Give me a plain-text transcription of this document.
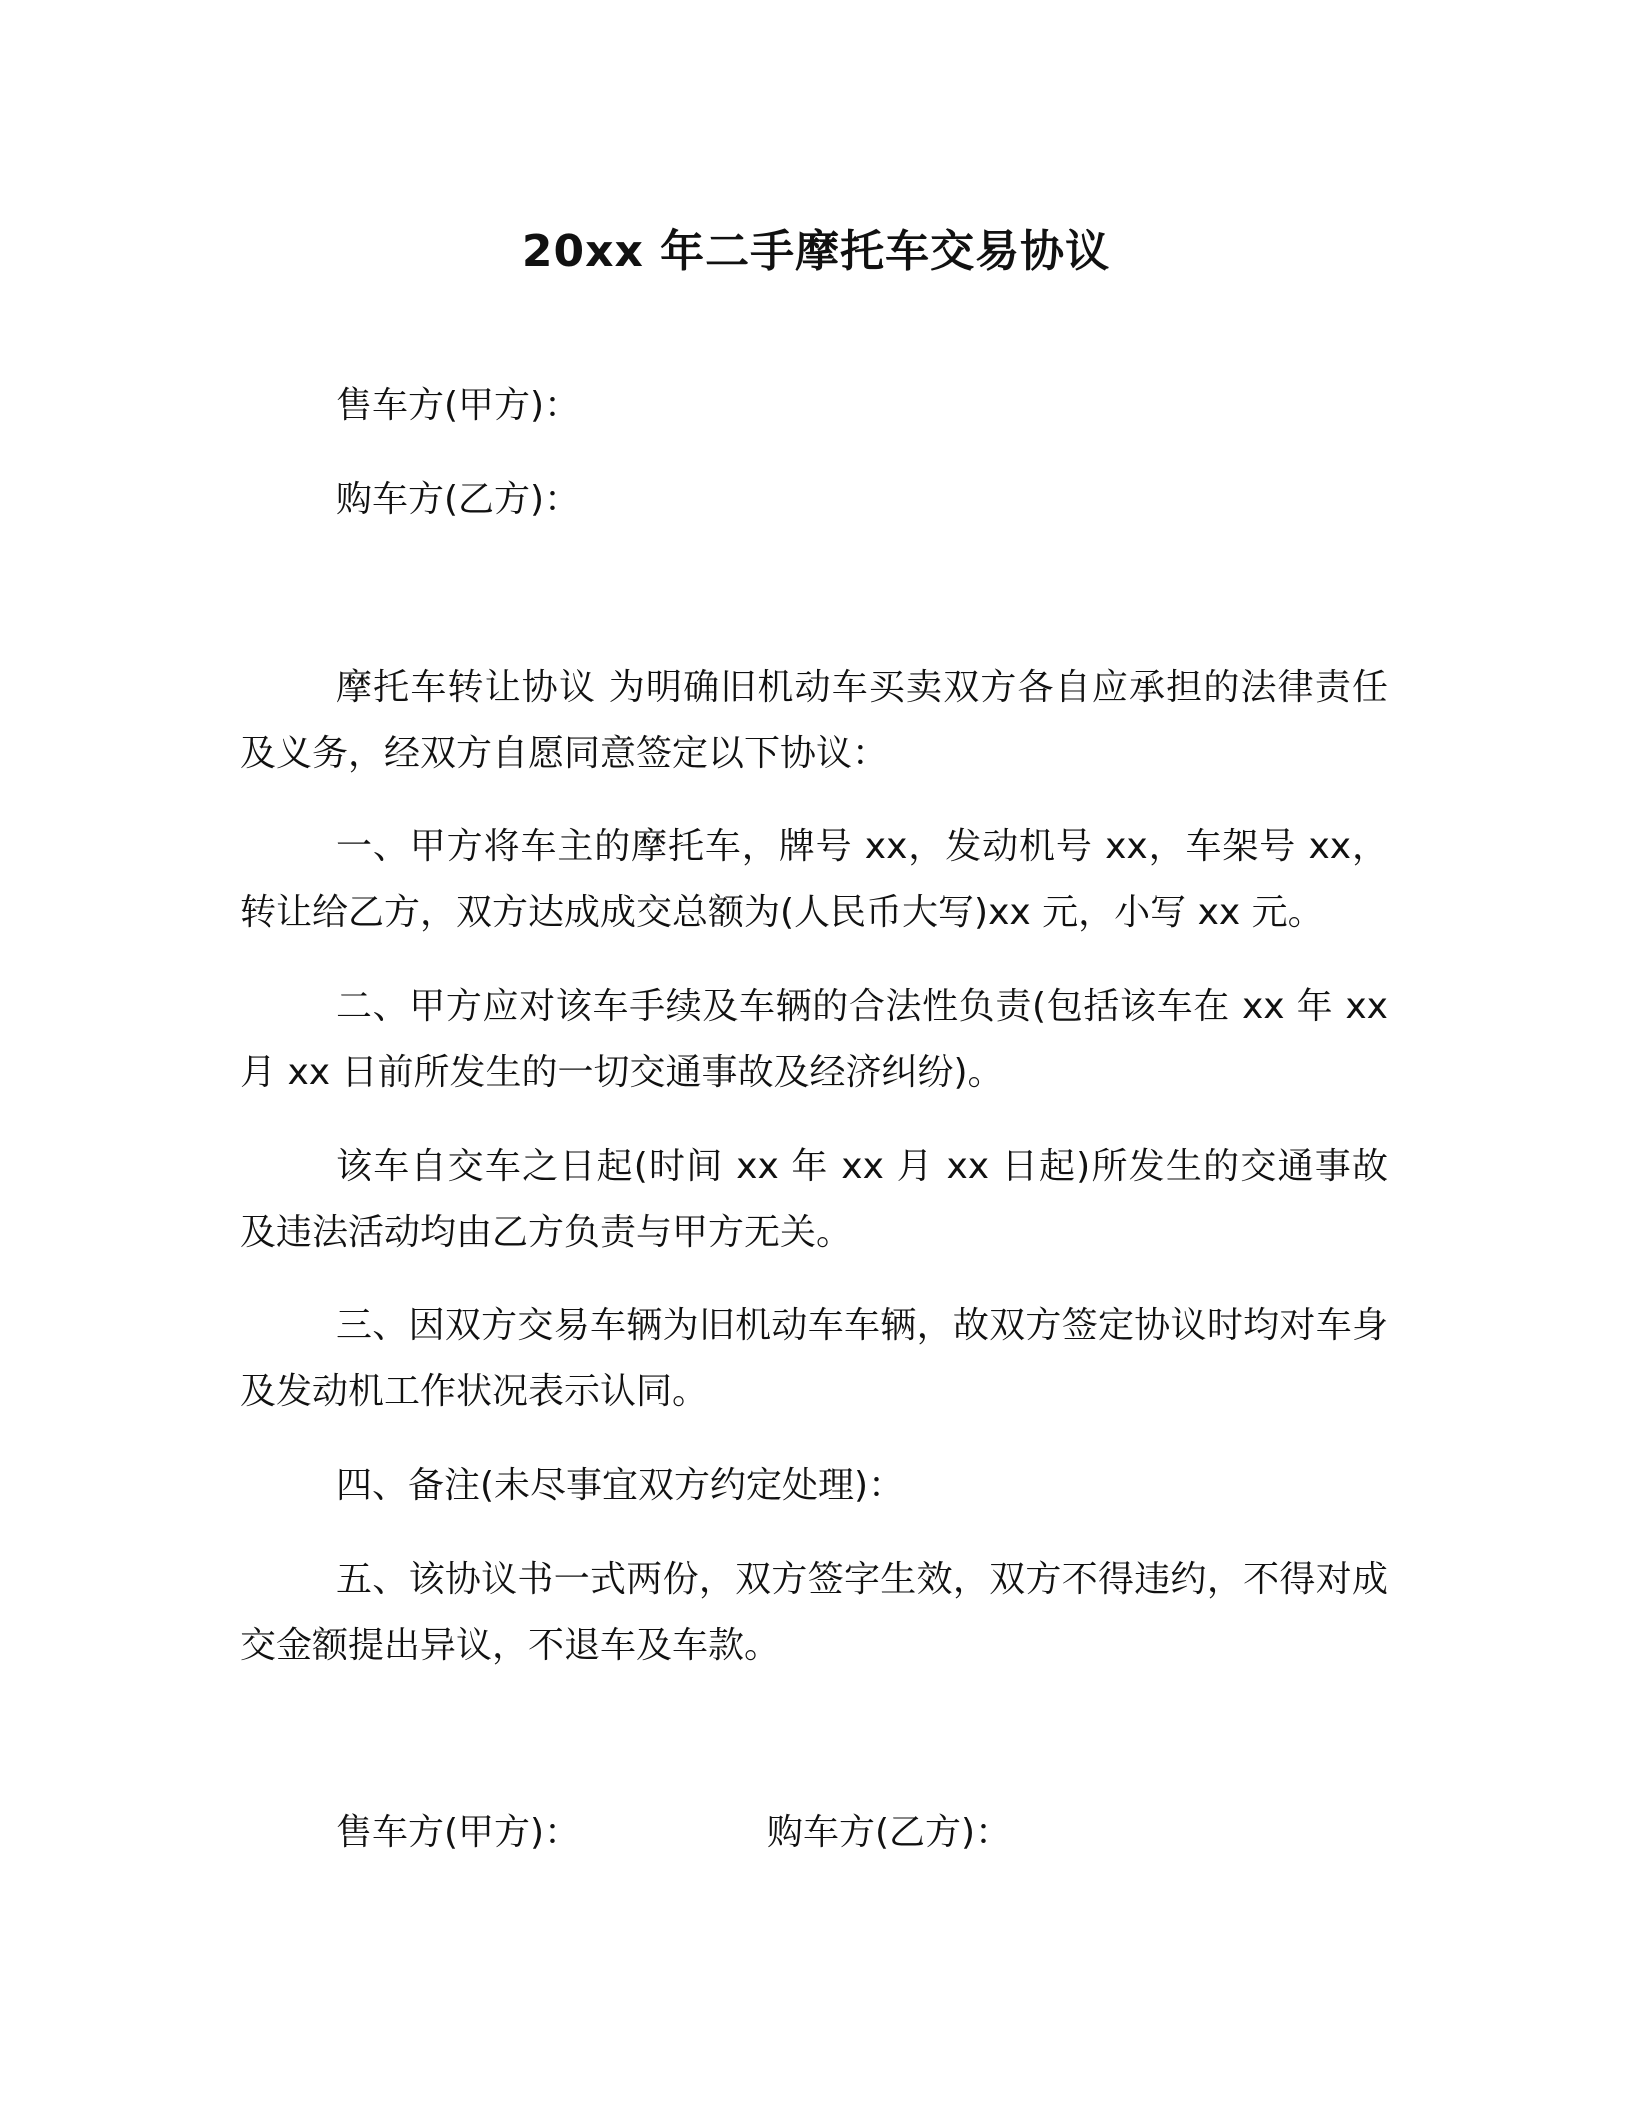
20xx 年二手摩托车交易协议
售车方(甲方)：
购车方(乙方)：
摩托车转让协议 为明确旧机动车买卖双方各自应承担的法律责任及义务，经双方自愿同意签定以下协议：
一、甲方将车主的摩托车，牌号 xx，发动机号 xx，车架号 xx，转让给乙方，双方达成成交总额为(人民币大写)xx 元，小写 xx 元。
二、甲方应对该车手续及车辆的合法性负责(包括该车在 xx 年 xx 月 xx 日前所发生的一切交通事故及经济纠纷)。
该车自交车之日起(时间 xx 年 xx 月 xx 日起)所发生的交通事故及违法活动均由乙方负责与甲方无关。
三、因双方交易车辆为旧机动车车辆，故双方签定协议时均对车身及发动机工作状况表示认同。
四、备注(未尽事宜双方约定处理)：
五、该协议书一式两份，双方签字生效，双方不得违约，不得对成交金额提出异议，不退车及车款。
售车方(甲方)：	购车方(乙方)：
